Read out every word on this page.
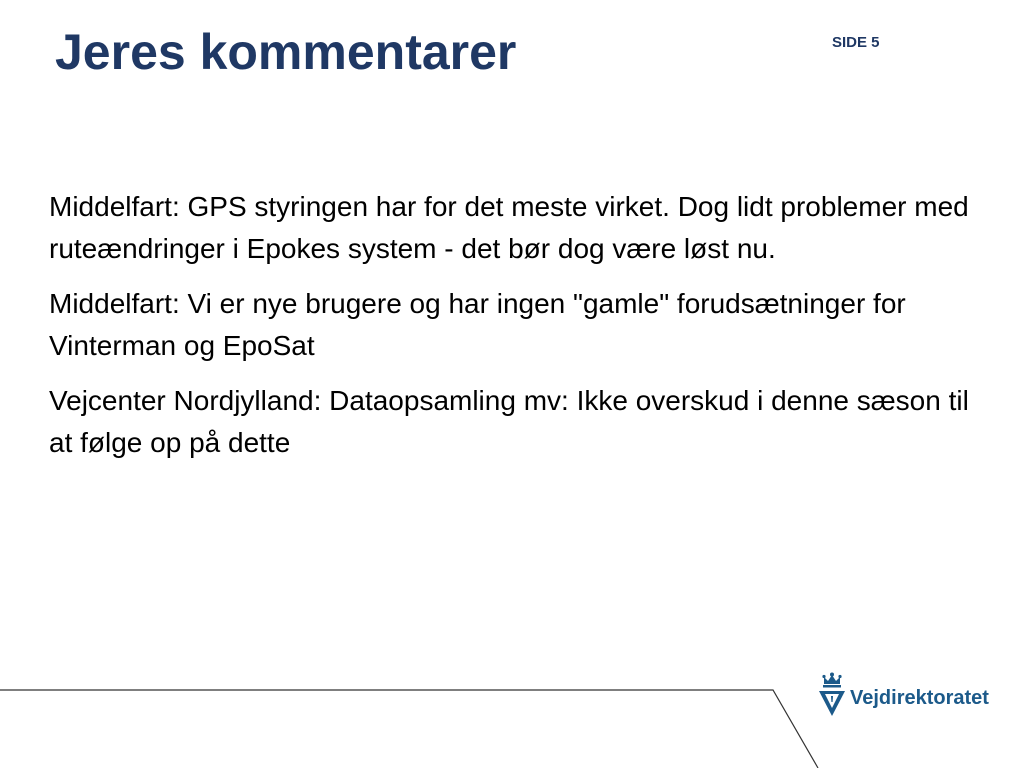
Jeres kommentarer	SIDE 5

Middelfart: GPS styringen har for det meste virket. Dog lidt problemer med ruteændringer i Epokes system - det bør dog være løst nu.

Middelfart: Vi er nye brugere og har ingen "gamle" forudsætninger for Vinterman og EpoSat

Vejcenter Nordjylland: Dataopsamling mv: Ikke overskud i denne sæson til at følge op på dette

Vejdirektoratet
